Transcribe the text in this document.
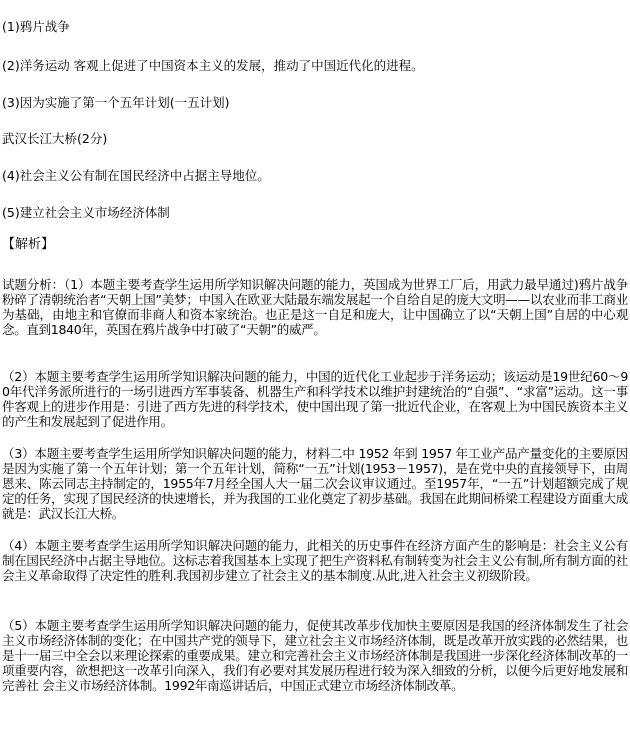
(1)鸦片战争
(2)洋务运动 客观上促进了中国资本主义的发展，推动了中国近代化的进程。
(3)因为实施了第一个五年计划(一五计划)
武汉长江大桥(2分)
(4)社会主义公有制在国民经济中占据主导地位。
(5)建立社会主义市场经济体制
【解析】
试题分析：（1）本题主要考查学生运用所学知识解决问题的能力，英国成为世界工厂后，用武力最早通过)鸦片战争粉碎了清朝统治者“天朝上国”美梦；中国入在欧亚大陆最东端发展起一个自给自足的庞大文明——以农业而非工商业为基础，由地主和官僚而非商人和资本家统治。也正是这一自足和庞大，让中国确立了以“天朝上国”自居的中心观念。直到1840年，英国在鸦片战争中打破了“天朝”的威严。
（2）本题主要考查学生运用所学知识解决问题的能力，中国的近代化工业起步于洋务运动；该运动是19世纪60～90年代洋务派所进行的一场引进西方军事装备、机器生产和科学技术以维护封建统治的“自强”、“求富”运动。这一事件客观上的进步作用是：引进了西方先进的科学技术，使中国出现了第一批近代企业，在客观上为中国民族资本主义的产生和发展起到了促进作用。
（3）本题主要考查学生运用所学知识解决问题的能力，材料二中 1952 年到 1957 年工业产品产量变化的主要原因是因为实施了第一个五年计划；第一个五年计划，简称“一五”计划(1953－1957)，是在党中央的直接领导下，由周恩来、陈云同志主持制定的，1955年7月经全国人大一届二次会议审议通过。至1957年，“一五”计划超额完成了规定的任务，实现了国民经济的快速增长，并为我国的工业化奠定了初步基础。我国在此期间桥梁工程建设方面重大成就是：武汉长江大桥。
（4）本题主要考查学生运用所学知识解决问题的能力，此相关的历史事件在经济方面产生的影响是：社会主义公有制在国民经济中占据主导地位。这标志着我国基本上实现了把生产资料私有制转变为社会主义公有制,所有制方面的社会主义革命取得了决定性的胜利.我国初步建立了社会主义的基本制度.从此,进入社会主义初级阶段。
（5）本题主要考查学生运用所学知识解决问题的能力，促使其改革步伐加快主要原因是我国的经济体制发生了社会主义市场经济体制的变化；在中国共产党的领导下，建立社会主义市场经济体制，既是改革开放实践的必然结果，也是十一届三中全会以来理论探索的重要成果。建立和完善社会主义市场经济体制是我国进一步深化经济体制改革的一项重要内容，欲想把这一改革引向深入，我们有必要对其发展历程进行较为深入细致的分析，以便今后更好地发展和完善社 会主义市场经济体制。1992年南巡讲话后，中国正式建立市场经济体制改革。
